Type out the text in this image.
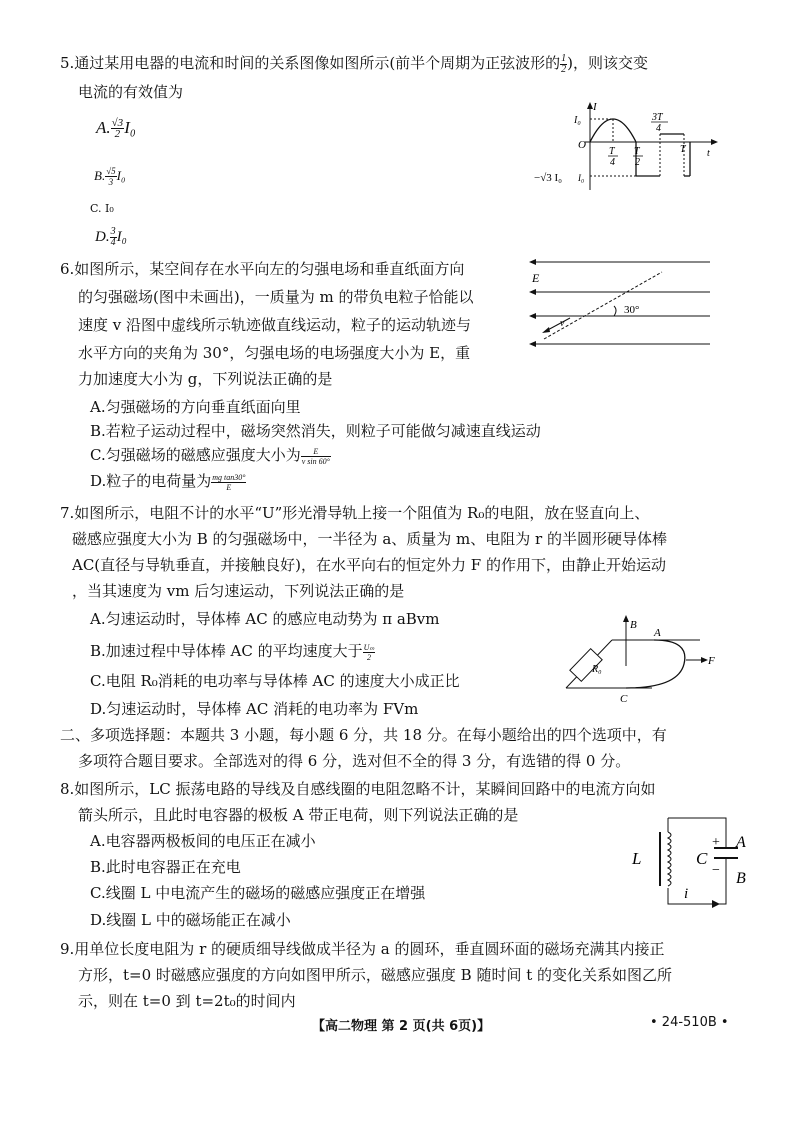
5.通过某用电器的电流和时间的关系图像如图所示(前半个周期为正弦波形的 $\frac{1}{2}$ )，则该交变
电流的有效值为
A. $\frac{√3}{2} I_0$
B. $\frac{√5}{3} I_0$
C. I₀
D. $\frac{3}{4} I_0$
I
I₀
O
−√3 I₀ I₀
T
4
T
2
3T
4
T t
6.如图所示，某空间存在水平向左的匀强电场和垂直纸面方向
的匀强磁场(图中未画出)，一质量为 m 的带负电粒子恰能以
速度 v 沿图中虚线所示轨迹做直线运动，粒子的运动轨迹与
水平方向的夹角为 30°，匀强电场的电场强度大小为 E，重
力加速度大小为 g，下列说法正确的是
E
v
30°
A.匀强磁场的方向垂直纸面向里
B.若粒子运动过程中，磁场突然消失，则粒子可能做匀减速直线运动
C.匀强磁场的磁感应强度大小为 $\frac{E}{\text{v sin 60°}}$
D.粒子的电荷量为 $\frac{\text{mg tan30°}}{E}$
7.如图所示，电阻不计的水平“U”形光滑导轨上接一个阻值为 R₀的电阻，放在竖直向上、
磁感应强度大小为 B 的匀强磁场中，一半径为 a、质量为 m、电阻为 r 的半圆形硬导体棒
AC(直径与导轨垂直，并接触良好)，在水平向右的恒定外力 F 的作用下，由静止开始运动
，当其速度为 vm 后匀速运动，下列说法正确的是
A.匀速运动时，导体棒 AC 的感应电动势为 π aBvm
B.加速过程中导体棒 AC 的平均速度大于 $\frac{\text{Uₘ}}{2}$
C.电阻 R₀消耗的电功率与导体棒 AC 的速度大小成正比
D.匀速运动时，导体棒 AC 消耗的电功率为 FVm
B
A
F
R₀
C
二、多项选择题：本题共 3 小题，每小题 6 分，共 18 分。在每小题给出的四个选项中，有
多项符合题目要求。全部选对的得 6 分，选对但不全的得 3 分，有选错的得 0 分。
8.如图所示，LC 振荡电路的导线及自感线圈的电阻忽略不计，某瞬间回路中的电流方向如
箭头所示，且此时电容器的极板 A 带正电荷，则下列说法正确的是
A.电容器两极板间的电压正在减小
B.此时电容器正在充电
C.线圈 L 中电流产生的磁场的磁感应强度正在增强
D.线圈 L 中的磁场能正在减小
L	C
+
−
A
B
i
9.用单位长度电阻为 r 的硬质细导线做成半径为 a 的圆环，垂直圆环面的磁场充满其内接正
方形，t=0 时磁感应强度的方向如图甲所示，磁感应强度 B 随时间 t 的变化关系如图乙所
示，则在 t=0 到 t=2t₀的时间内
【高二物理 第 2 页(共 6页)】	• 24-510B •
